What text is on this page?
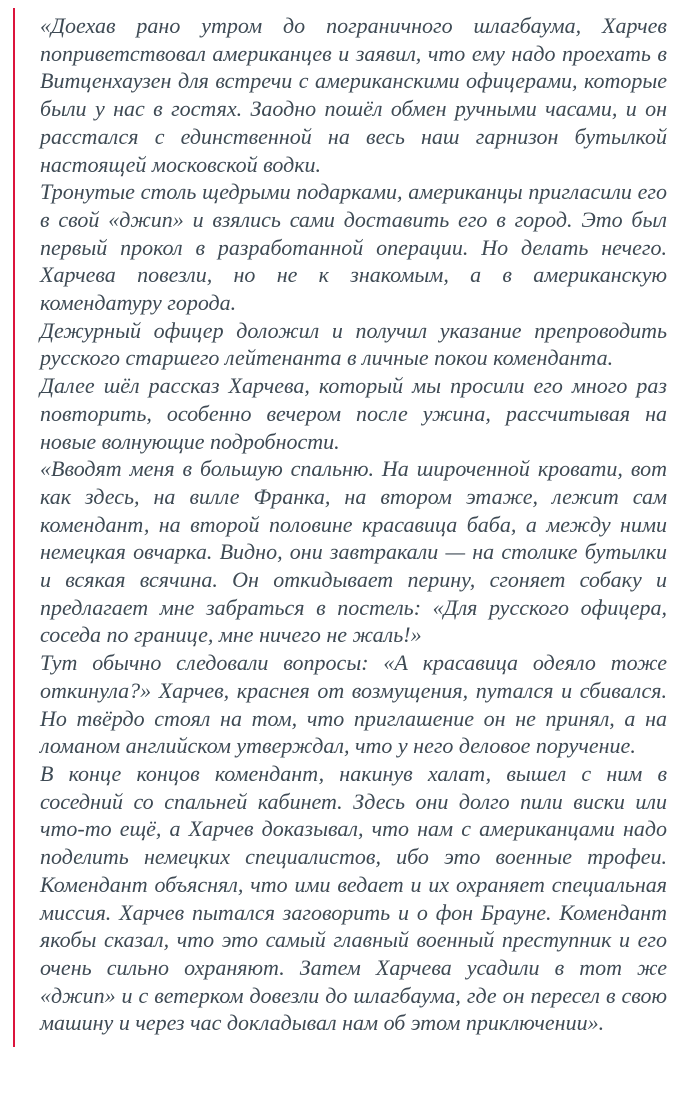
«Доехав рано утром до пограничного шлагбаума, Харчев поприветствовал американцев и заявил, что ему надо проехать в Витценхаузен для встречи с американскими офицерами, которые были у нас в гостях. Заодно пошёл обмен ручными часами, и он расстался с единственной на весь наш гарнизон бутылкой настоящей московской водки.

Тронутые столь щедрыми подарками, американцы пригласили его в свой «джип» и взялись сами доставить его в город. Это был первый прокол в разработанной операции. Но делать нечего. Харчева повезли, но не к знакомым, а в американскую комендатуру города.

Дежурный офицер доложил и получил указание препроводить русского старшего лейтенанта в личные покои коменданта.

Далее шёл рассказ Харчева, который мы просили его много раз повторить, особенно вечером после ужина, рассчитывая на новые волнующие подробности.

«Вводят меня в большую спальню. На широченной кровати, вот как здесь, на вилле Франка, на втором этаже, лежит сам комендант, на второй половине красавица баба, а между ними немецкая овчарка. Видно, они завтракали — на столике бутылки и всякая всячина. Он откидывает перину, сгоняет собаку и предлагает мне забраться в постель: «Для русского офицера, соседа по границе, мне ничего не жаль!»

Тут обычно следовали вопросы: «А красавица одеяло тоже откинула?» Харчев, краснея от возмущения, путался и сбивался. Но твёрдо стоял на том, что приглашение он не принял, а на ломаном английском утверждал, что у него деловое поручение.

В конце концов комендант, накинув халат, вышел с ним в соседний со спальней кабинет. Здесь они долго пили виски или что-то ещё, а Харчев доказывал, что нам с американцами надо поделить немецких специалистов, ибо это военные трофеи. Комендант объяснял, что ими ведает и их охраняет специальная миссия. Харчев пытался заговорить и о фон Брауне. Комендант якобы сказал, что это самый главный военный преступник и его очень сильно охраняют. Затем Харчева усадили в тот же «джип» и с ветерком довезли до шлагбаума, где он пересел в свою машину и через час докладывал нам об этом приключении».
